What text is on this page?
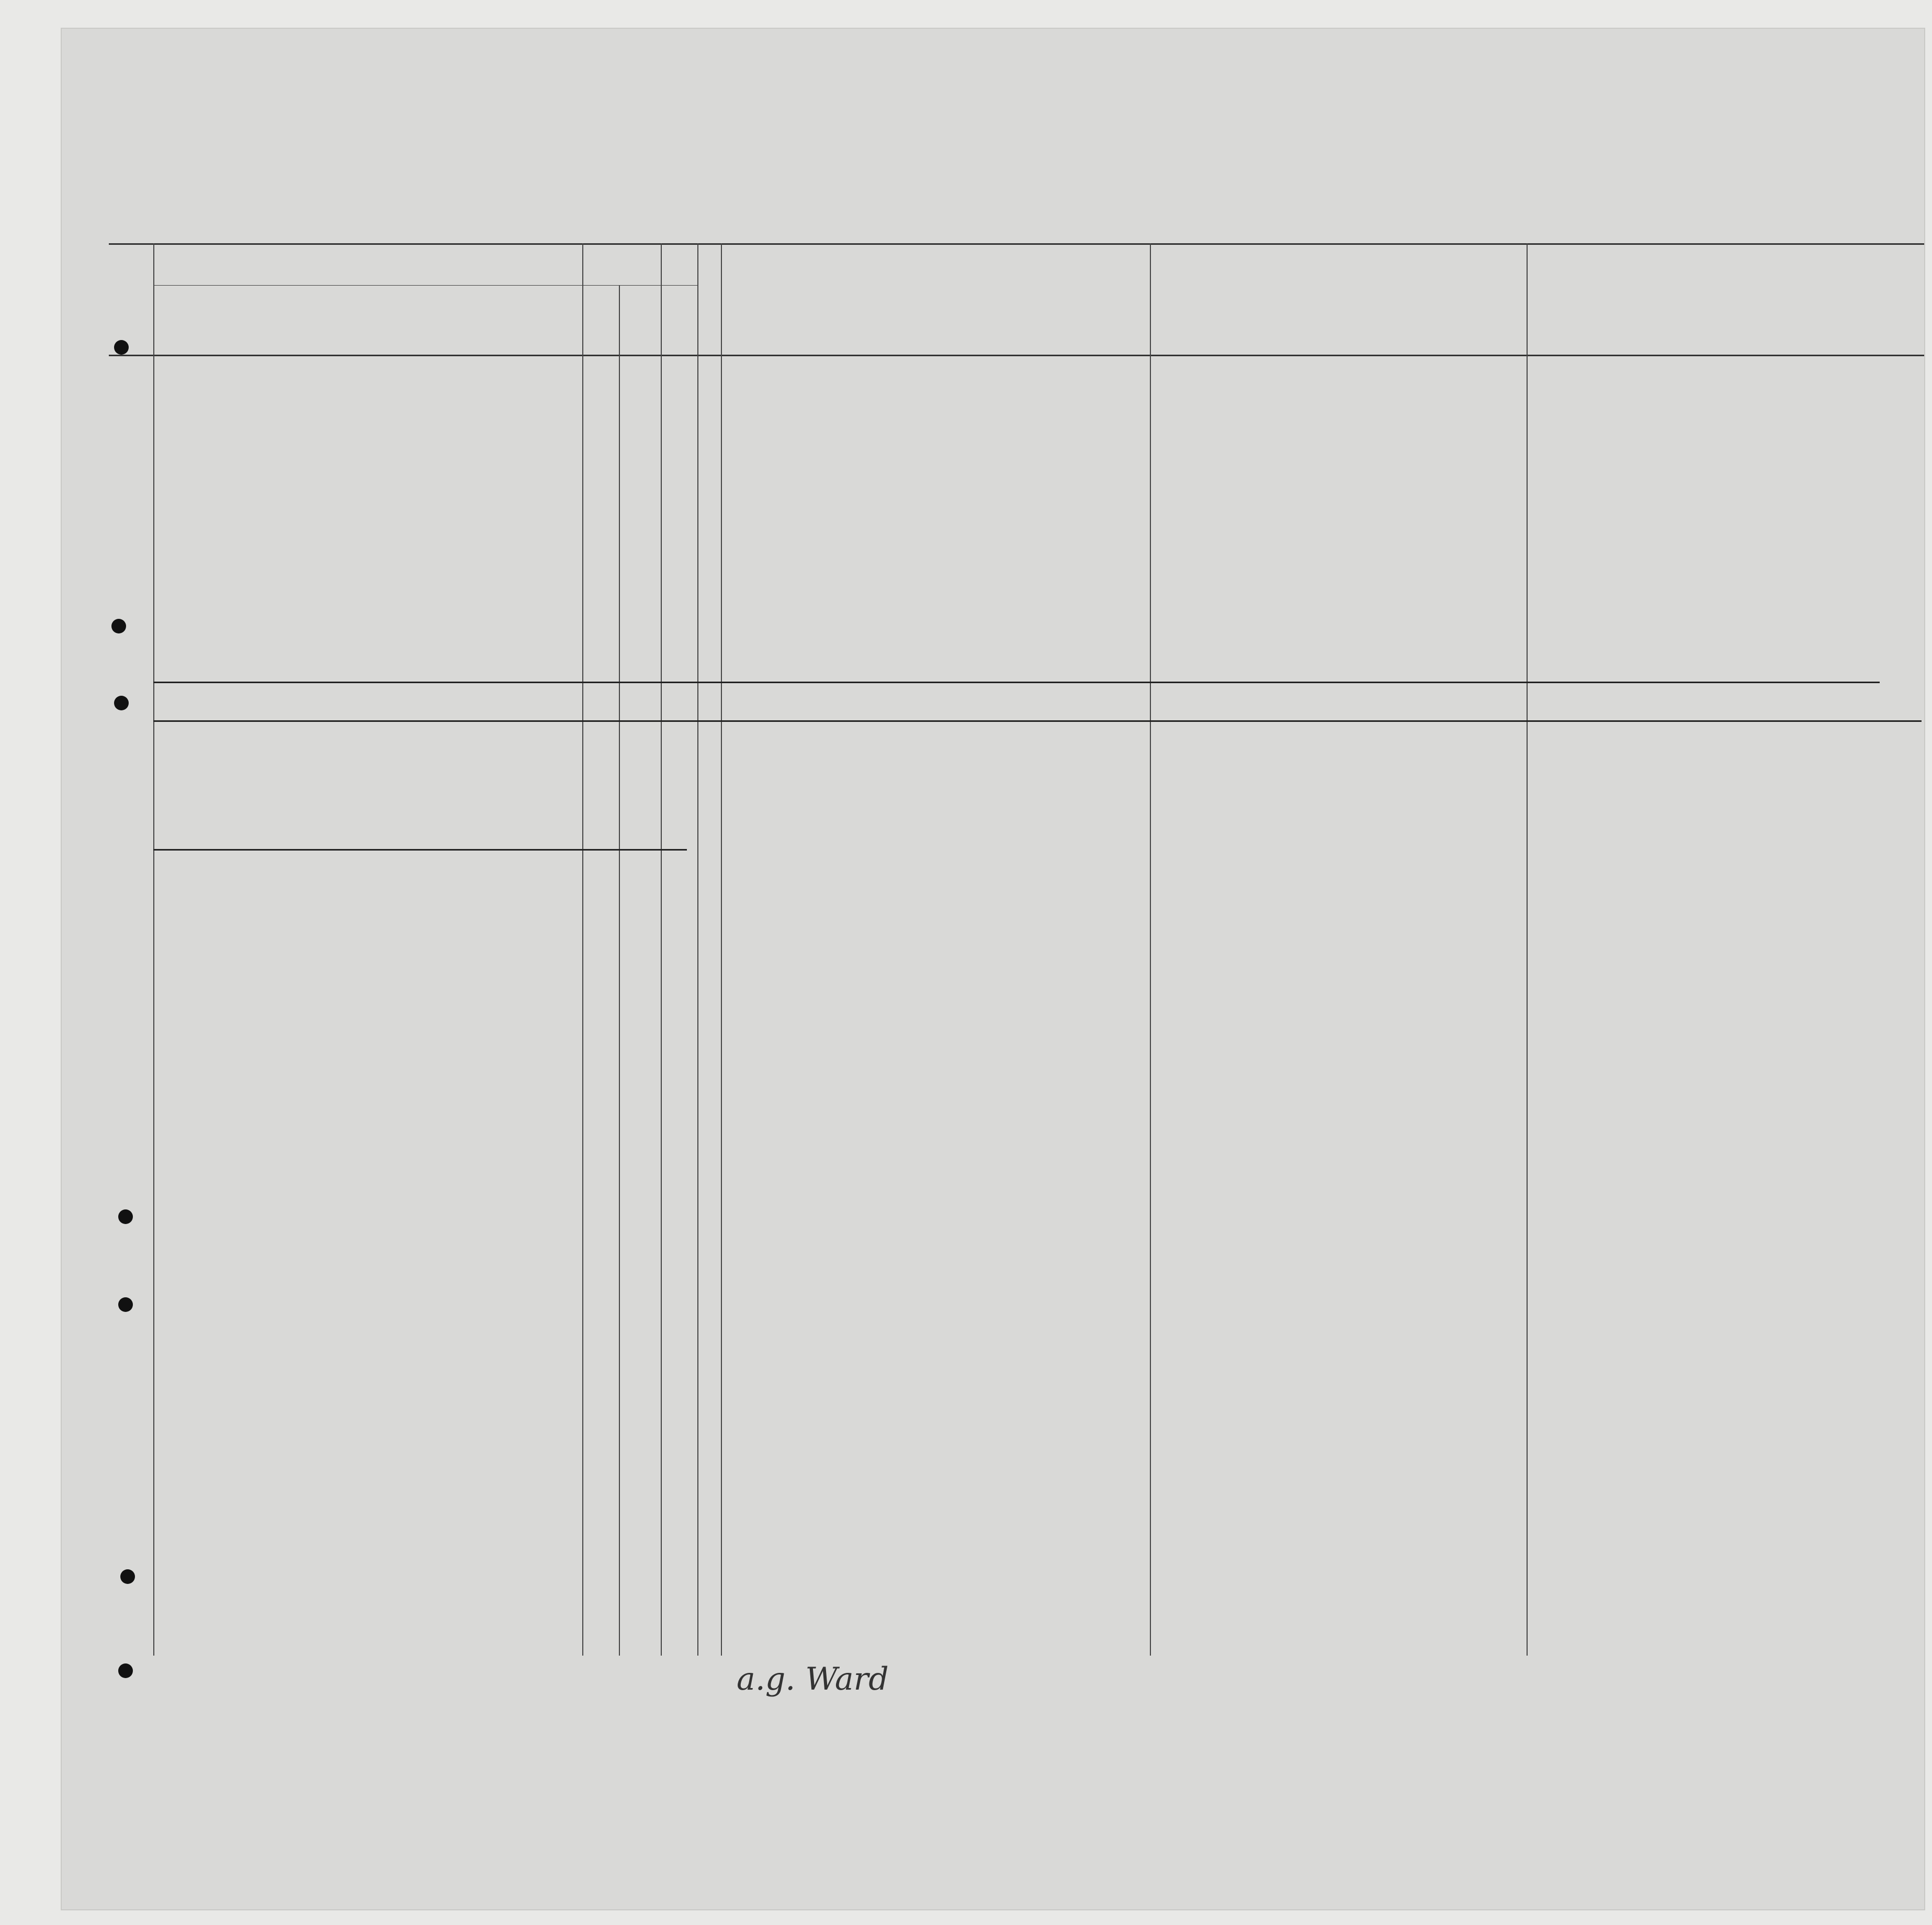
a.g. Ward
